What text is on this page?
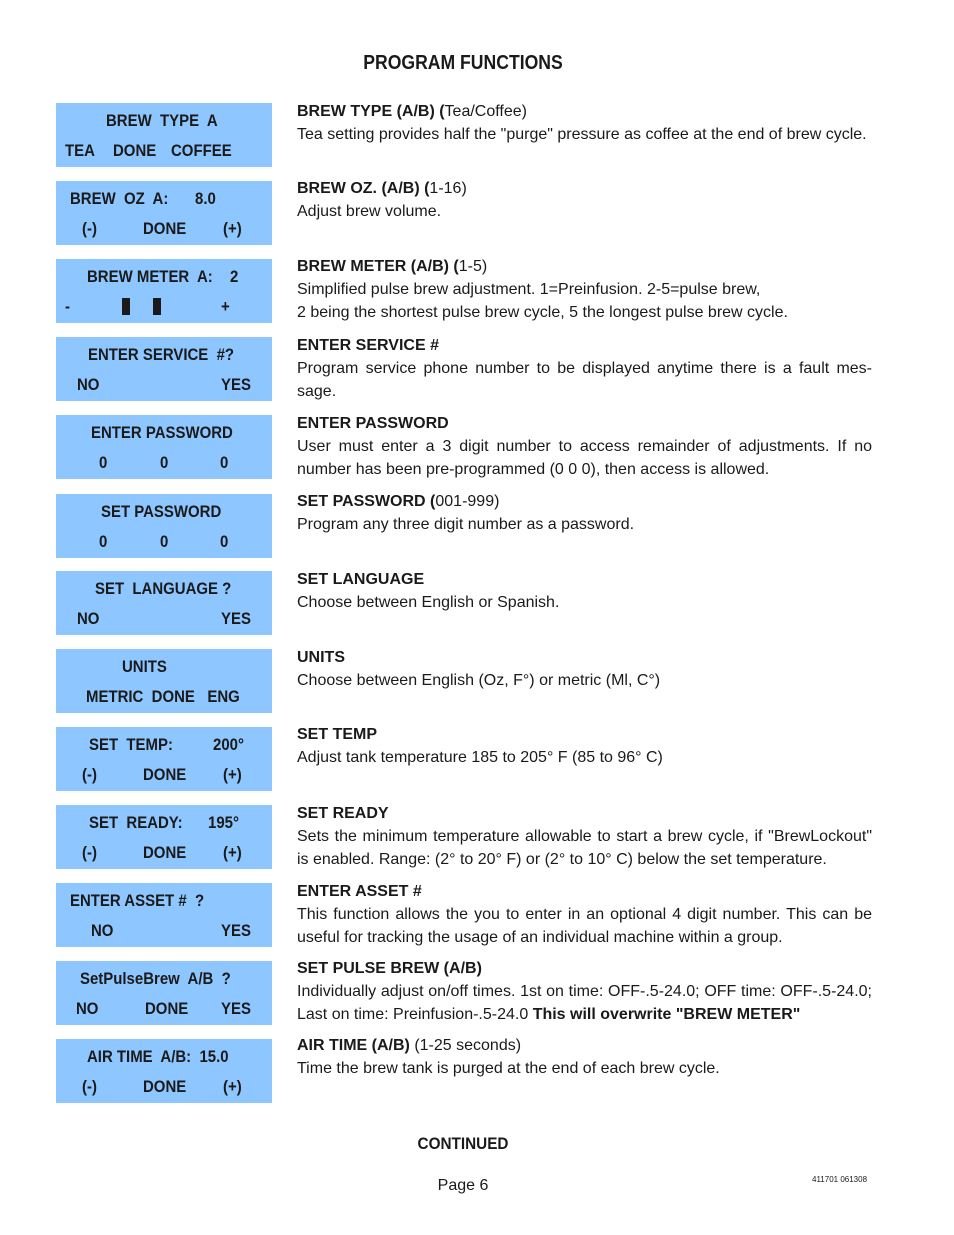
PROGRAM FUNCTIONS
BREW  TYPE  A
TEA DONE COFFEE
BREW  OZ  A: 8.0
(-)	DONE (+)
BREW METER  A: 2
-	+
ENTER SERVICE  #?
NO	YES
ENTER PASSWORD
0	0	0
SET PASSWORD
0	0	0
SET  LANGUAGE ?
NO	YES
UNITS
METRIC  DONE   ENG
SET  TEMP: 200°
(-)	DONE (+)
SET  READY: 195°
(-)	DONE (+)
ENTER ASSET #  ?
NO	YES
SetPulseBrew  A/B  ?
NO	DONE YES
AIR TIME  A/B:  15.0
(-)	DONE (+)
BREW TYPE (A/B) (Tea/Coffee)
Tea setting provides half the "purge" pressure as coffee at the end of brew cycle.
BREW OZ. (A/B) (1-16)
Adjust brew volume.
BREW METER (A/B) (1-5)
Simplified pulse brew adjustment. 1=Preinfusion. 2-5=pulse brew,
2 being the shortest pulse brew cycle, 5 the longest pulse brew cycle.
ENTER SERVICE #
Program service phone number to be displayed anytime there is a fault mes-sage.
ENTER PASSWORD
User must enter a 3 digit number to access remainder of adjustments. If no number has been pre-programmed (0 0 0), then access is allowed.
SET PASSWORD (001-999)
Program any three digit number as a password.
SET LANGUAGE
Choose between English or Spanish.
UNITS
Choose between English (Oz, F°) or metric (Ml, C°)
SET TEMP
Adjust tank temperature 185 to 205° F (85 to 96° C)
SET READY
Sets the minimum temperature allowable to start a brew cycle, if "BrewLockout" is enabled. Range: (2° to 20° F) or (2° to 10° C) below the set temperature.
ENTER ASSET #
This function allows the you to enter in an optional 4 digit number. This can be useful for tracking the usage of an individual machine within a group.
SET PULSE BREW (A/B)
Individually adjust on/off times. 1st on time: OFF-.5-24.0; OFF time: OFF-.5-24.0; Last on time: Preinfusion-.5-24.0 This will overwrite "BREW METER"
AIR TIME (A/B) (1-25 seconds)
Time the brew tank is purged at the end of each brew cycle.
CONTINUED
Page 6	411701 061308
